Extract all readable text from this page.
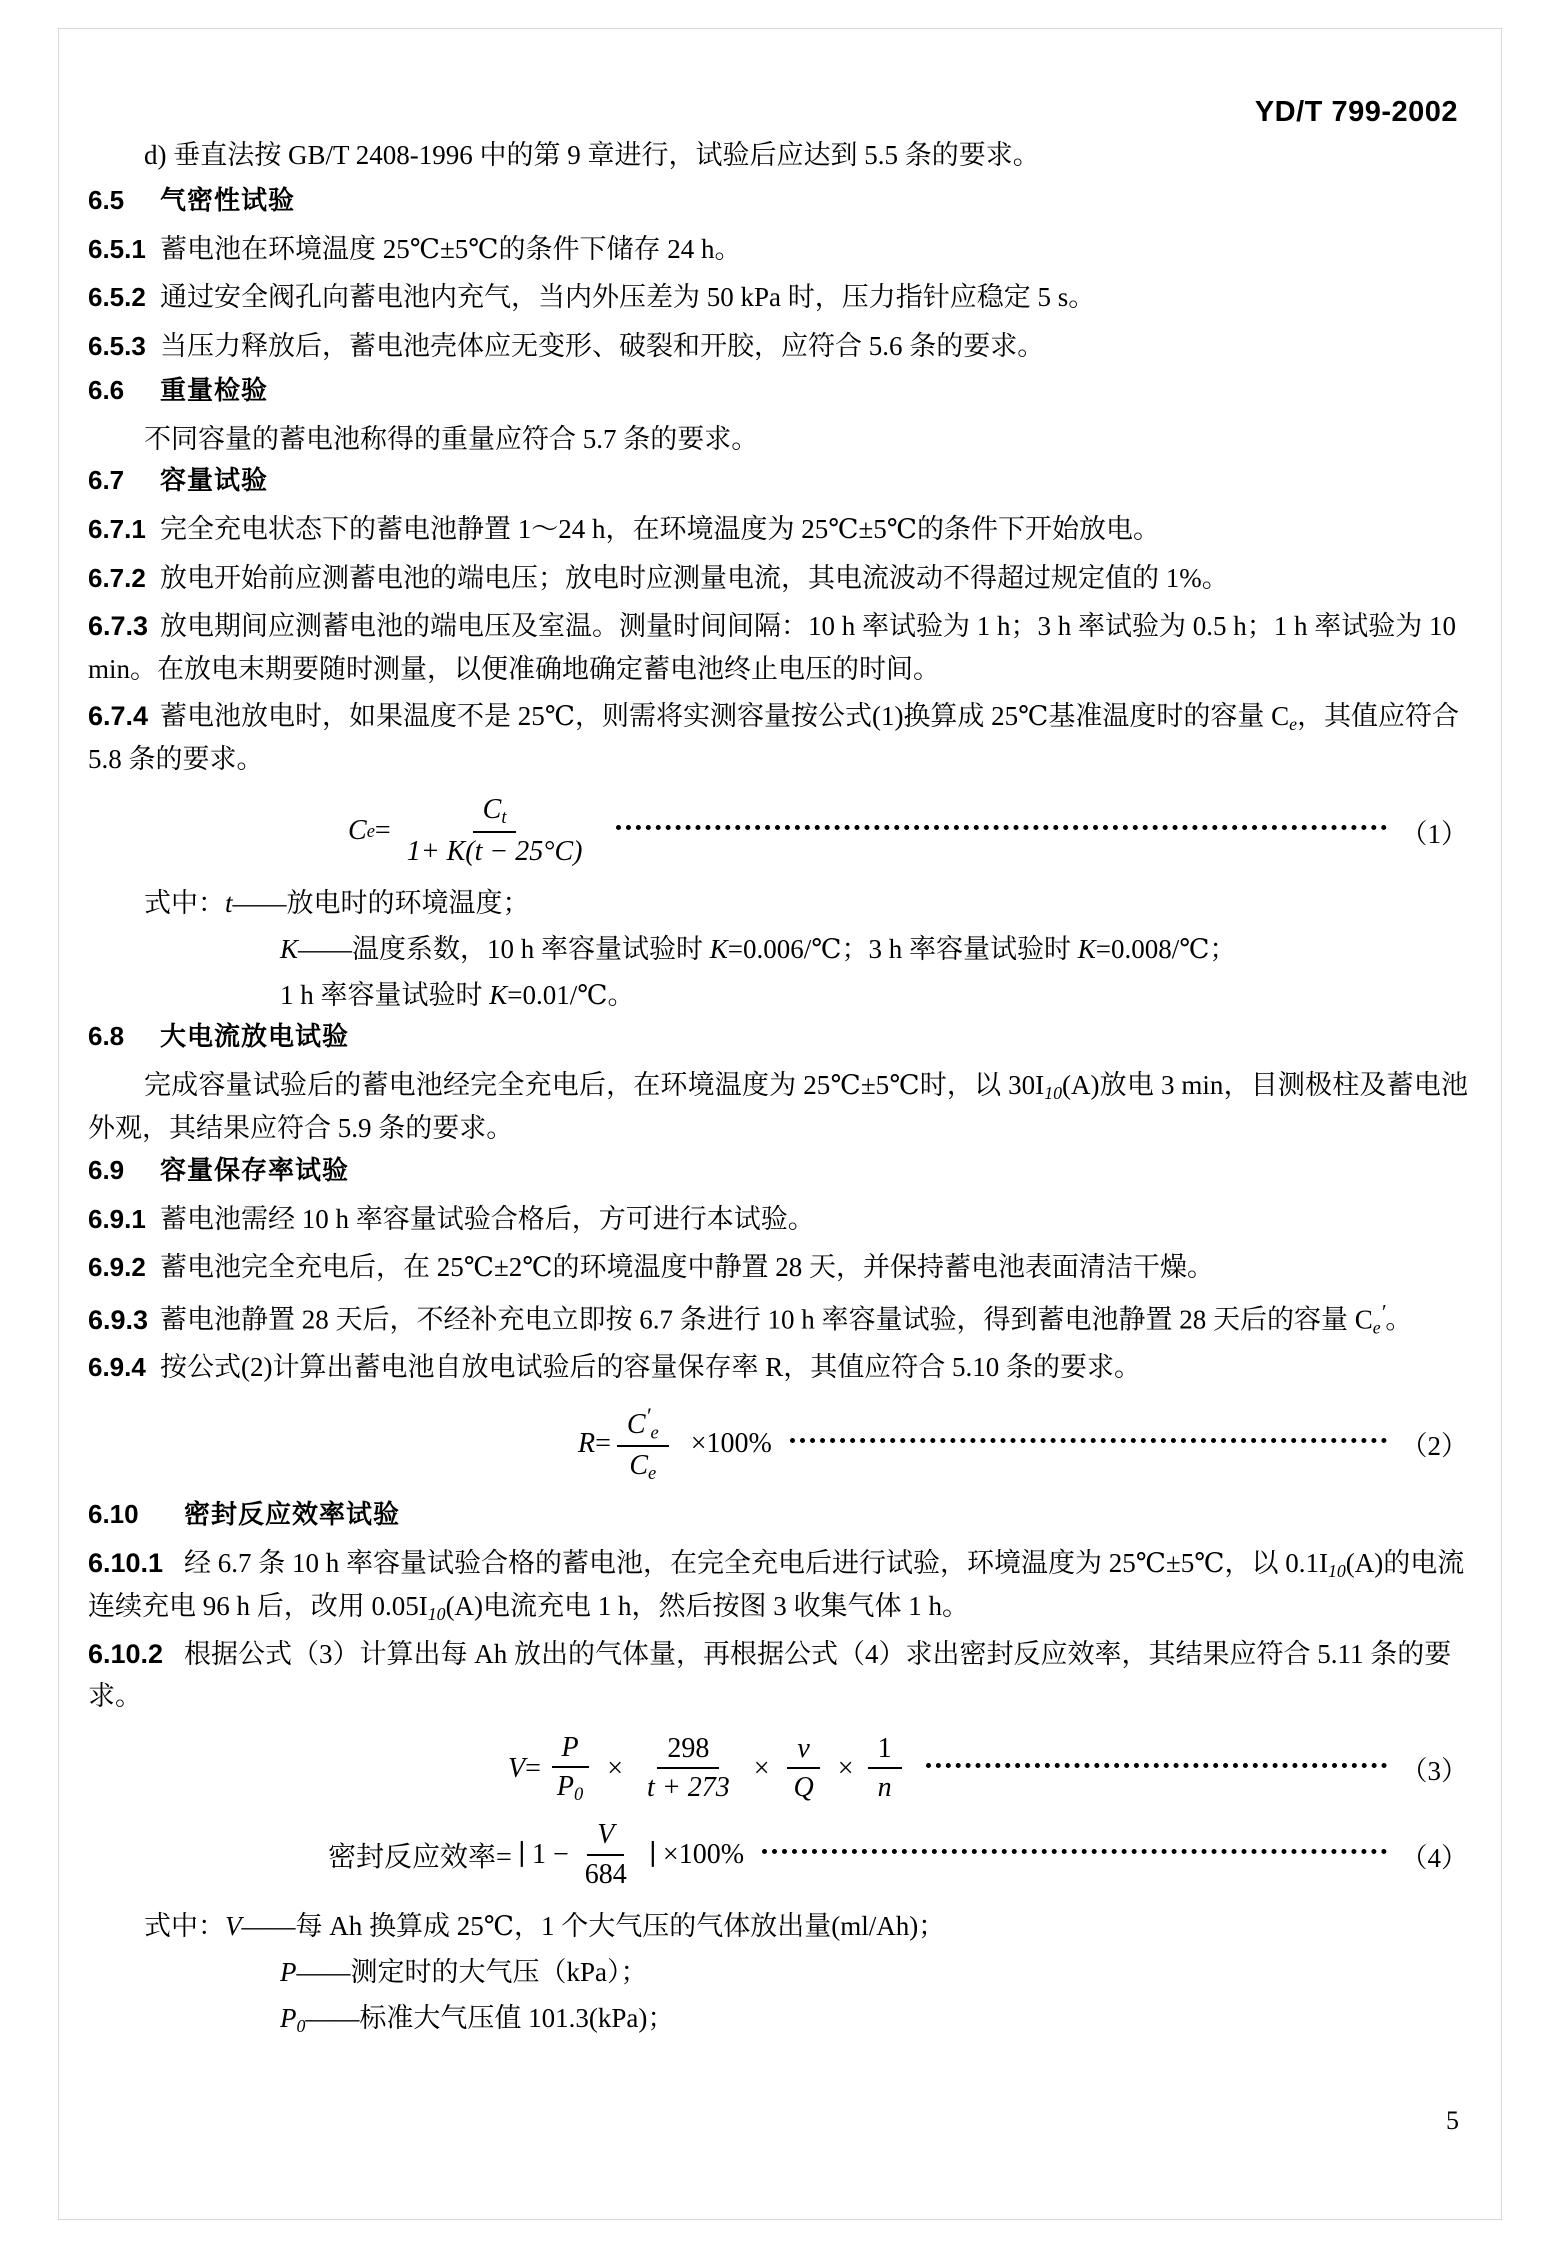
YD/T 799-2002
d) 垂直法按 GB/T 2408-1996 中的第 9 章进行，试验后应达到 5.5 条的要求。
6.5	气密性试验
6.5.1 蓄电池在环境温度 25℃±5℃的条件下储存 24 h。
6.5.2 通过安全阀孔向蓄电池内充气，当内外压差为 50 kPa 时，压力指针应稳定 5 s。
6.5.3 当压力释放后，蓄电池壳体应无变形、破裂和开胶，应符合 5.6 条的要求。
6.6	重量检验
不同容量的蓄电池称得的重量应符合 5.7 条的要求。
6.7	容量试验
6.7.1 完全充电状态下的蓄电池静置 1～24 h，在环境温度为 25℃±5℃的条件下开始放电。
6.7.2 放电开始前应测蓄电池的端电压；放电时应测量电流，其电流波动不得超过规定值的 1%。
6.7.3 放电期间应测蓄电池的端电压及室温。测量时间间隔：10 h 率试验为 1 h；3 h 率试验为 0.5 h；1 h 率试验为 10 min。在放电末期要随时测量，以便准确地确定蓄电池终止电压的时间。
6.7.4 蓄电池放电时，如果温度不是 25℃，则需将实测容量按公式(1)换算成 25℃基准温度时的容量 $C_e$，其值应符合 5.8 条的要求。
C $e = \frac{C_t}{1+ K(t - 25^\circ C)}$	（1）
式中： t —— 放电时的环境温度；
K —— 温度系数，10 h 率容量试验时 K=0.006/℃；3 h 率容量试验时 K=0.008/℃；
1 h 率容量试验时 K=0.01/℃。
6.8	大电流放电试验
完成容量试验后的蓄电池经完全充电后，在环境温度为 25℃±5℃时，以 $30I_{10}(A)$放电 3 min，目测极柱及蓄电池外观，其结果应符合 5.9 条的要求。
6.9	容量保存率试验
6.9.1 蓄电池需经 10 h 率容量试验合格后，方可进行本试验。
6.9.2 蓄电池完全充电后，在 25℃±2℃的环境温度中静置 28 天，并保持蓄电池表面清洁干燥。
6.9.3 蓄电池静置 28 天后，不经补充电立即按 6.7 条进行 10 h 率容量试验，得到蓄电池静置 28 天后的容量 $C_e'$。
6.9.4 按公式(2)计算出蓄电池自放电试验后的容量保存率 R，其值应符合 5.10 条的要求。
$R = \frac{C'_e}{C_e} \times 100\%$	（2）
6.10	密封反应效率试验
6.10.1 经 6.7 条 10 h 率容量试验合格的蓄电池，在完全充电后进行试验，环境温度为 25℃±5℃，以 $0.1I_{10}(A)$的电流连续充电 96 h 后，改用 $0.05I_{10}(A)$电流充电 1 h，然后按图 3 收集气体 1 h。
6.10.2 根据公式（3）计算出每 Ah 放出的气体量，再根据公式（4）求出密封反应效率，其结果应符合 5.11 条的要求。
$V = \frac{P}{P_0} \times \frac{298}{t + 273} \times \frac{v}{Q} \times \frac{1}{n}$	（3）
密封反应效率= ∣ $1 - \frac{V}{684}$ ∣ ×100%	（4）
式中： V —— 每 Ah 换算成 25℃，1 个大气压的气体放出量(ml/Ah)；
P —— 测定时的大气压（kPa）；
$P_0$ —— 标准大气压值 101.3(kPa)；
5
